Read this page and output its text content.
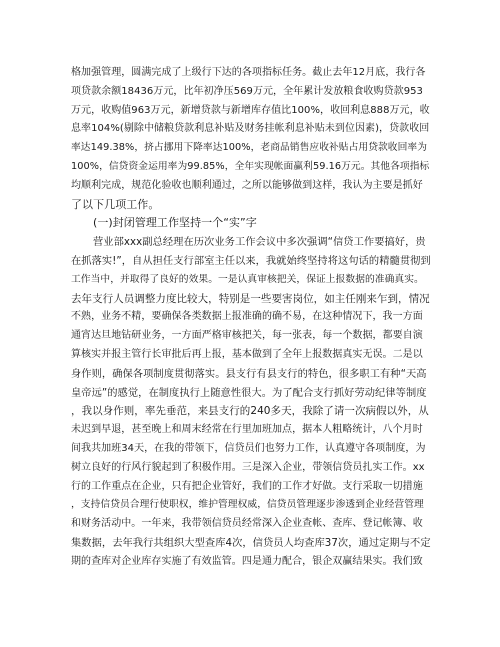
格加强管理，圆满完成了上级行下达的各项指标任务。截止去年12月底，我行各
项贷款余额18436万元，比年初净压569万元，全年累计发放粮食收购贷款953
万元，收购值963万元，新增贷款与新增库存值比100%，收回利息888万元，收
息率104%(剔除中储粮贷款利息补贴及财务挂帐利息补贴未到位因素)，贷款收回
率达149.38%，挤占挪用下降率达100%，老商品销售应收补贴占用贷款收回率为
100%，信贷资金运用率为99.85%，全年实现帐面赢利59.16万元。其他各项指标
均顺利完成，规范化验收也顺利通过，之所以能够做到这样，我认为主要是抓好
了以下几项工作。
(一)封闭管理工作坚持一个“实”字
营业部xxx副总经理在历次业务工作会议中多次强调“信贷工作要搞好，贵
在抓落实!”，自从担任支行部室主任以来，我就始终坚持将这句话的精髓贯彻到
工作当中，并取得了良好的效果。一是认真审核把关，保证上报数据的准确真实。
去年支行人员调整力度比较大，特别是一些要害岗位，如主任刚来乍到，情况
不熟，业务不精，要确保各类数据上报准确的确不易，在这种情况下，我一方面
通宵达旦地钻研业务，一方面严格审核把关，每一张表，每一个数据，都要自演
算核实并报主管行长审批后再上报，基本做到了全年上报数据真实无误。二是以
身作则，确保各项制度贯彻落实。县支行有县支行的特色，很多职工有种“天高
皇帝远”的感觉，在制度执行上随意性很大。为了配合支行抓好劳动纪律等制度
，我以身作则，率先垂范，来县支行的240多天，我除了请一次病假以外，从
未迟到早退，甚至晚上和周末经常在行里加班加点，据本人粗略统计，八个月时
间我共加班34天，在我的带领下，信贷员们也努力工作，认真遵守各项制度，为
树立良好的行风行貌起到了积极作用。三是深入企业，带领信贷员扎实工作。xx
行的工作重点在企业，只有把企业管好，我们的工作才好做。支行采取一切措施
，支持信贷员合理行使职权，维护管理权威，信贷员管理逐步渗透到企业经营管理
和财务活动中。一年来，我带领信贷员经常深入企业查帐、查库、登记帐簿、收
集数据，去年我行共组织大型查库4次，信贷员人均查库37次，通过定期与不定
期的查库对企业库存实施了有效监管。四是通力配合，银企双赢结果实。我们致
